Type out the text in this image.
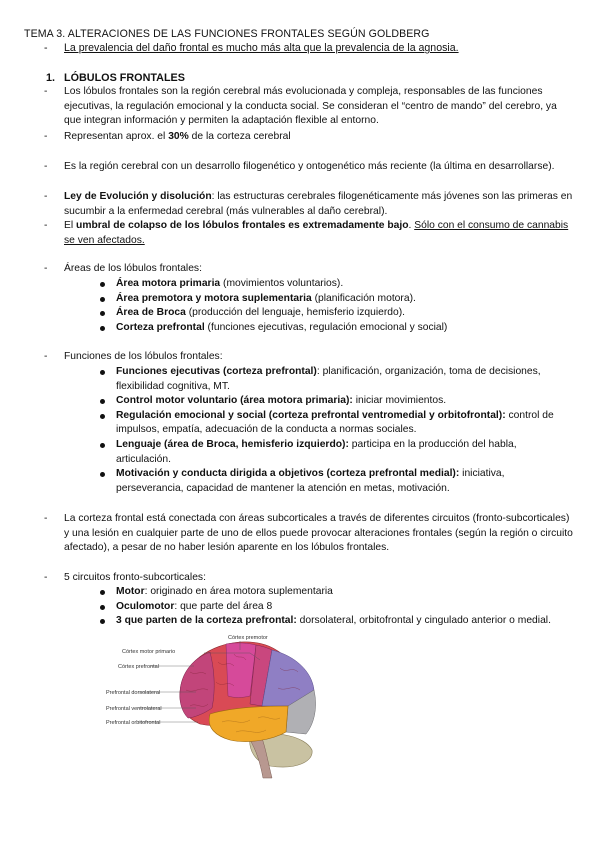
TEMA 3. ALTERACIONES DE LAS FUNCIONES FRONTALES SEGÚN GOLDBERG
- La prevalencia del daño frontal es mucho más alta que la prevalencia de la agnosia.
1. LÓBULOS FRONTALES
- Los lóbulos frontales son la región cerebral más evolucionada y compleja, responsables de las funciones ejecutivas, la regulación emocional y la conducta social. Se consideran el “centro de mando” del cerebro, ya que integran información y permiten la adaptación flexible al entorno.
- Representan aprox. el 30% de la corteza cerebral
- Es la región cerebral con un desarrollo filogenético y ontogenético más reciente (la última en desarrollarse).
- Ley de Evolución y disolución: las estructuras cerebrales filogenéticamente más jóvenes son las primeras en sucumbir a la enfermedad cerebral (más vulnerables al daño cerebral).
- El umbral de colapso de los lóbulos frontales es extremadamente bajo. Sólo con el consumo de cannabis se ven afectados.
- Áreas de los lóbulos frontales:
Área motora primaria (movimientos voluntarios).
Área premotora y motora suplementaria (planificación motora).
Área de Broca (producción del lenguaje, hemisferio izquierdo).
Corteza prefrontal (funciones ejecutivas, regulación emocional y social)
- Funciones de los lóbulos frontales:
Funciones ejecutivas (corteza prefrontal): planificación, organización, toma de decisiones, flexibilidad cognitiva, MT.
Control motor voluntario (área motora primaria): iniciar movimientos.
Regulación emocional y social (corteza prefrontal ventromedial y orbitofrontal): control de impulsos, empatía, adecuación de la conducta a normas sociales.
Lenguaje (área de Broca, hemisferio izquierdo): participa en la producción del habla, articulación.
Motivación y conducta dirigida a objetivos (corteza prefrontal medial): iniciativa, perseverancia, capacidad de mantener la atención en metas, motivación.
- La corteza frontal está conectada con áreas subcorticales a través de diferentes circuitos (fronto-subcorticales) y una lesión en cualquier parte de uno de ellos puede provocar alteraciones frontales (según la región o circuito afectado), a pesar de no haber lesión aparente en los lóbulos frontales.
- 5 circuitos fronto-subcorticales:
Motor: originado en área motora suplementaria
Oculomotor: que parte del área 8
3 que parten de la corteza prefrontal: dorsolateral, orbitofrontal y cingulado anterior o medial.
Córtex motor primario
Córtex premotor
Córtex prefrontal
Prefrontal dorsolateral
Prefrontal ventrolateral
Prefrontal orbitofrontal
